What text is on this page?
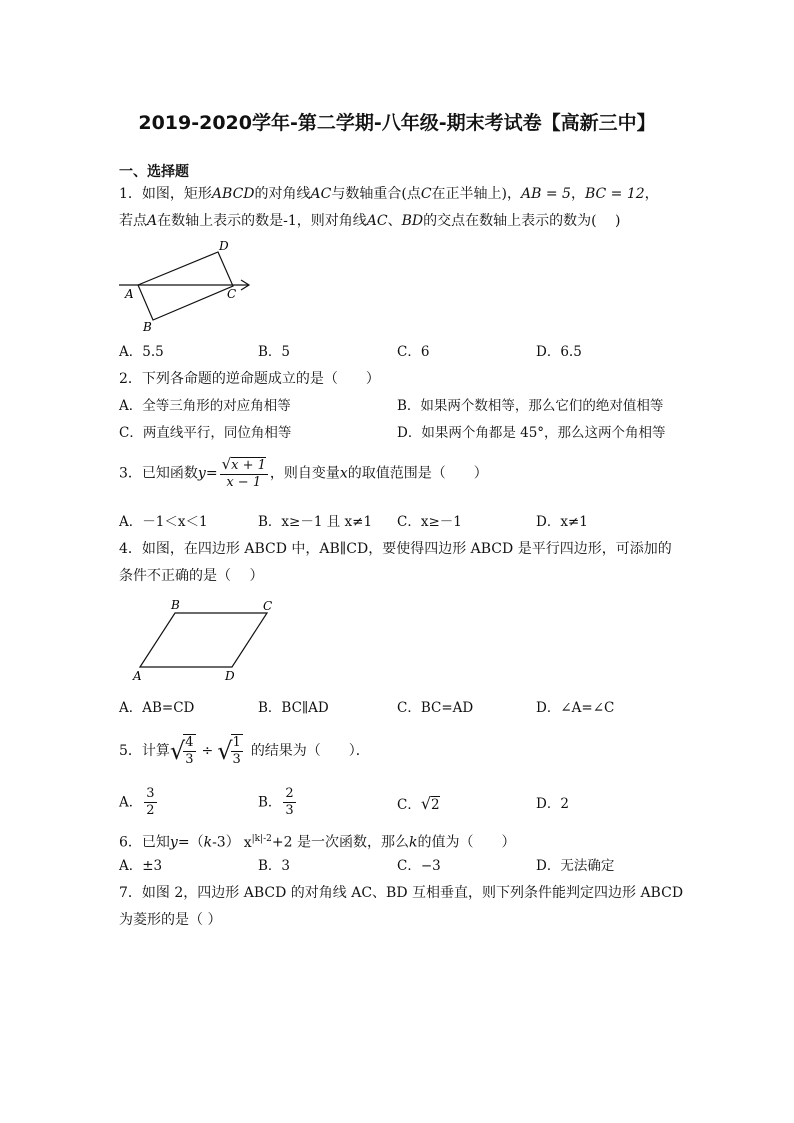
2019-2020学年-第二学期-八年级-期末考试卷【高新三中】
一、选择题
1．如图，矩形ABCD的对角线AC与数轴重合(点C在正半轴上)，AB = 5，BC = 12，
若点A在数轴上表示的数是-1，则对角线AC、BD的交点在数轴上表示的数为(　 )
A
D
C
B
A．5.5	B．5	C．6	D．6.5
2．下列各命题的逆命题成立的是（　　）
A．全等三角形的对应角相等	B．如果两个数相等，那么它们的绝对值相等
C．两直线平行，同位角相等	D．如果两个角都是 45°，那么这两个角相等
3．已知函数$y= \frac{√x + 1}{x - 1}$ ，则自变量x的取值范围是（　　）
A．－1＜x＜1	B．x≥－1 且 x≠1 C．x≥－1	D．x≠1
4．如图，在四边形 ABCD 中，AB∥CD，要使得四边形 ABCD 是平行四边形，可添加的
条件不正确的是（　 ）
B	C
A	D
A．AB=CD	B．BC∥AD	C．BC=AD	D．∠A=∠C
5．计算√
$\frac{4}{3}$ ÷ √
$\frac{1}{3}$ 的结果为（　　）．
A． $\frac{3}{2}$	B． $\frac{2}{3}$	C．√2	D．2
6．已知y=（k-3） $x^{|k|-2}+2$ 是一次函数，那么k的值为（　　）
A．±3	B．3	C．−3	D．无法确定
7．如图 2，四边形 ABCD 的对角线 AC、BD 互相垂直，则下列条件能判定四边形 ABCD
为菱形的是（ ）
